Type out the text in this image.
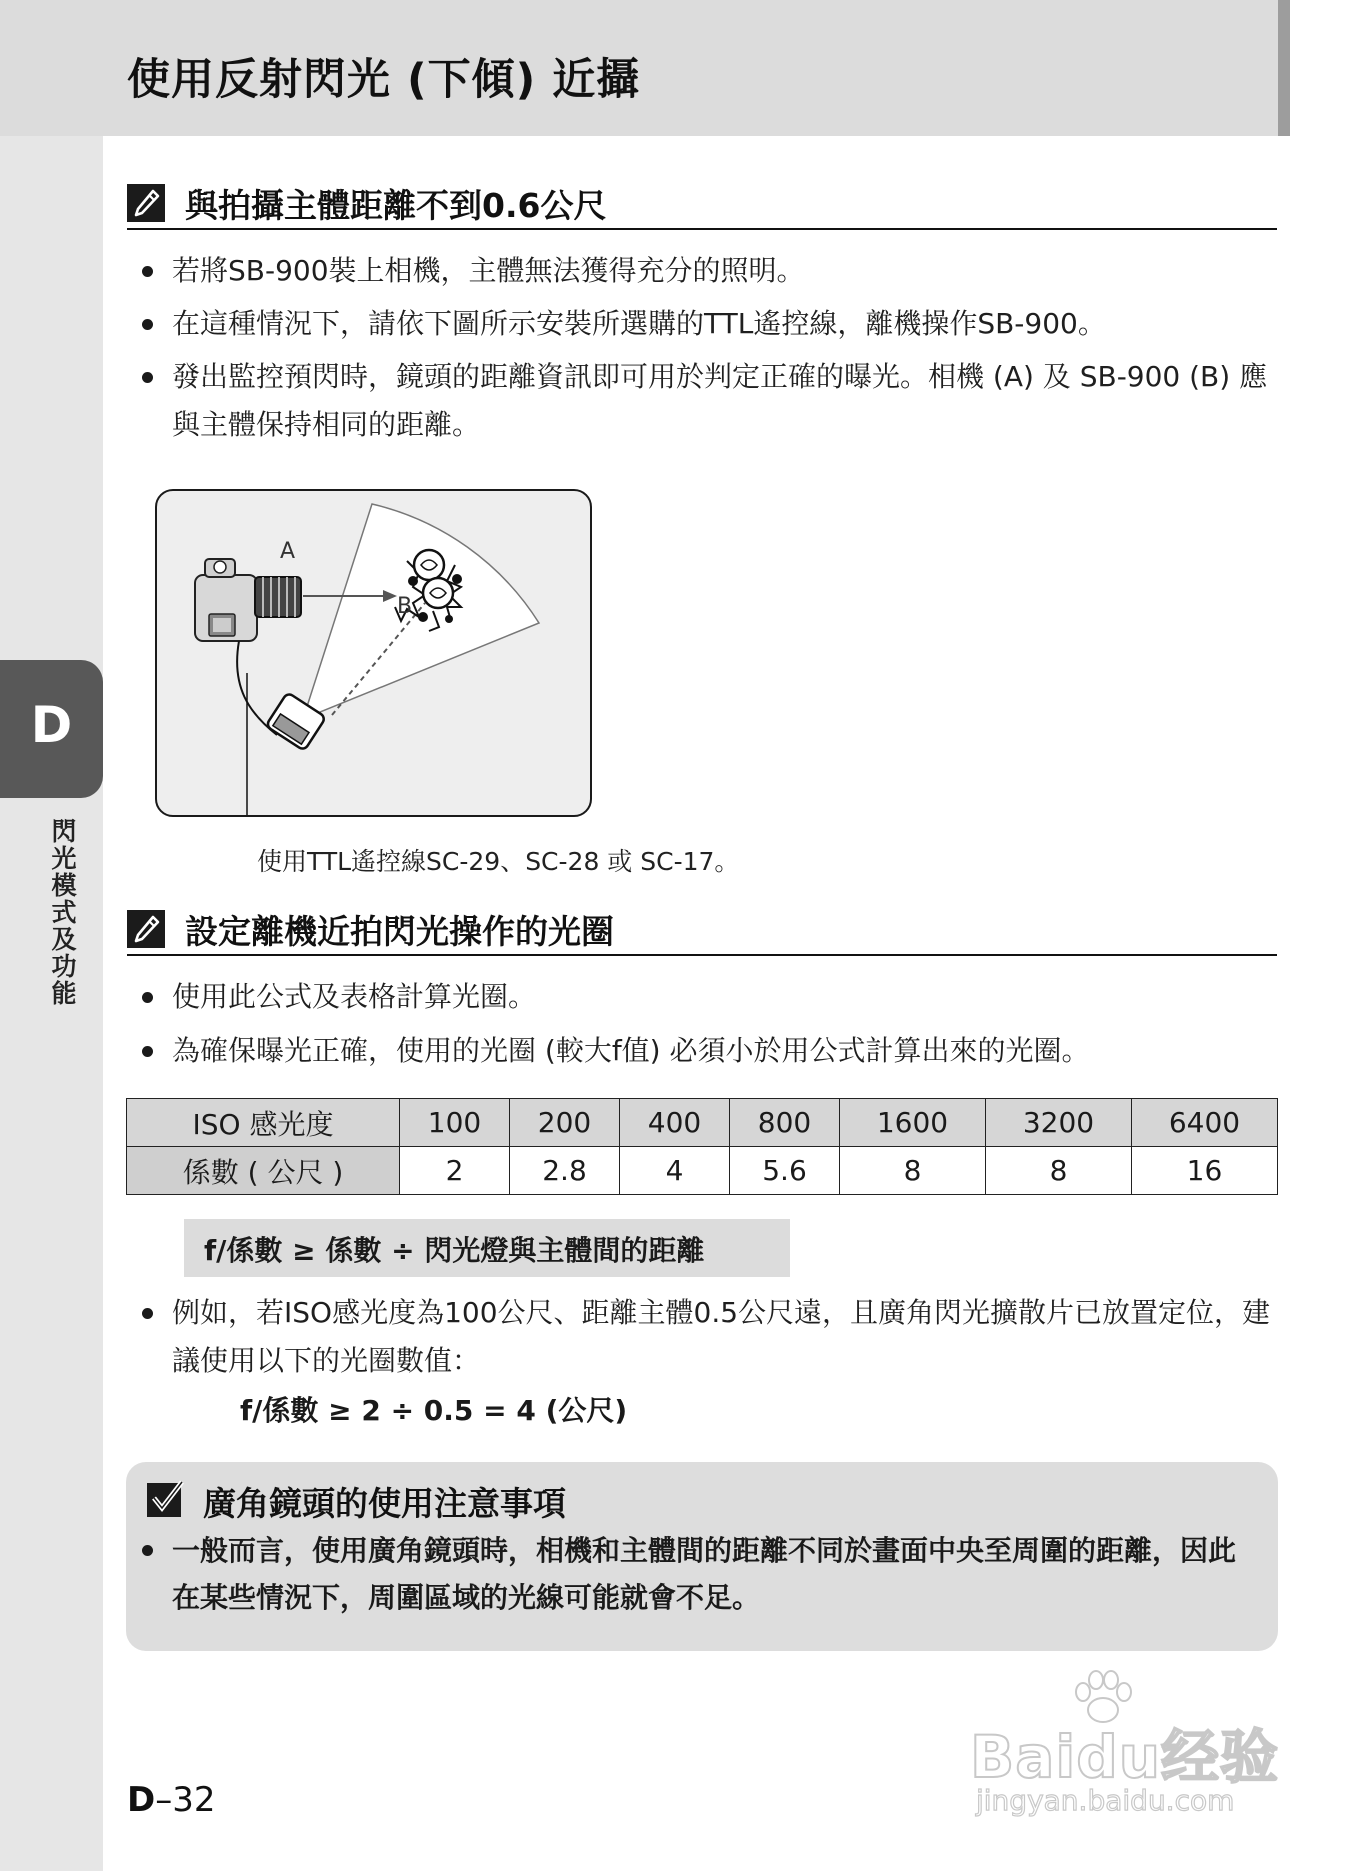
使用反射閃光 (下傾) 近攝
D
閃光模式及功能
與拍攝主體距離不到0.6公尺
若將SB-900裝上相機，主體無法獲得充分的照明。
在這種情況下，請依下圖所示安裝所選購的TTL遙控線，離機操作SB-900。
發出監控預閃時，鏡頭的距離資訊即可用於判定正確的曝光。相機 (A) 及 SB-900 (B) 應與主體保持相同的距離。
A
B
使用TTL遙控線SC-29、SC-28 或 SC-17。
設定離機近拍閃光操作的光圈
使用此公式及表格計算光圈。
為確保曝光正確，使用的光圈 (較大f值) 必須小於用公式計算出來的光圈。
ISO 感光度	100	200	400	800	1600	3200	6400
係數 ( 公尺 )	2	2.8	4	5.6	8	8	16
f/係數 ≥ 係數 ÷ 閃光燈與主體間的距離
例如，若ISO感光度為100公尺、距離主體0.5公尺遠，且廣角閃光擴散片已放置定位，建議使用以下的光圈數值：
f/係數 ≥ 2 ÷ 0.5 = 4 (公尺)
廣角鏡頭的使用注意事項
一般而言，使用廣角鏡頭時，相機和主體間的距離不同於畫面中央至周圍的距離，因此在某些情況下，周圍區域的光線可能就會不足。
D–32
Baidu经验
jingyan.baidu.com
